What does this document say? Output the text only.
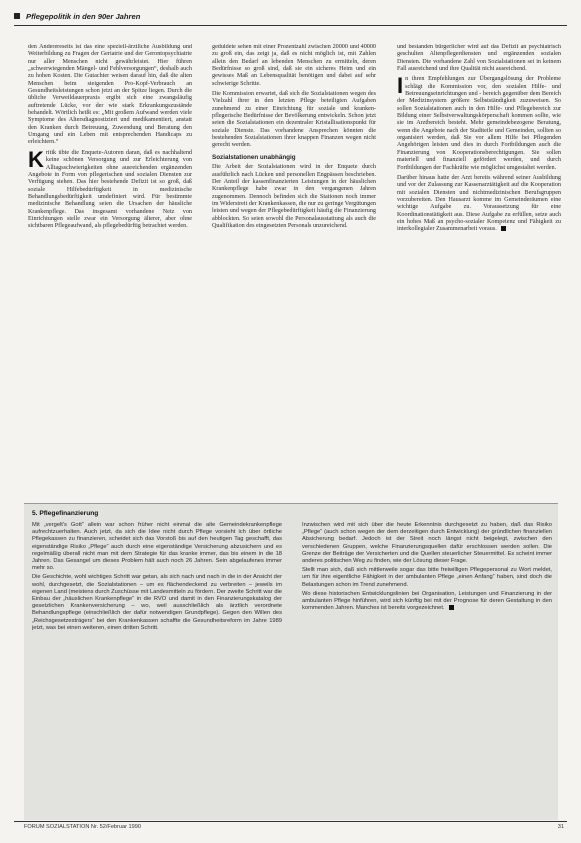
Pflegepolitik in den 90er Jahren

den Anderereseits ist das eine speziell-ärztliche Ausbildung und Weiterbildung zu Fragen der Geriatrie und der Gerontopsychiatrie nur aller Menschen nicht gewährleistet. Hier führen „schwerwiegenden Mängel- und Fehlversorgungen“, deshalb auch zu hohen Kosten. Die Gutachter weisen darauf hin, daß die alten Menschen beim steigenden Pro-Kopf-Verbrauch an Gesundheitsleistungen schon jetzt an der Spitze liegen. Durch die übliche Verweildauerpraxis ergibt sich eine zwangsläufig auftretende Lücke, vor der wie stark Erkrankungszustände behandelt. Wörtlich heißt es: „Mit großem Aufwand werden viele Symptome des Altersdiagnostiziert und medikamentiert, anstatt den Kranken durch Betreuung, Zuwendung und Beratung den Umgang und ein Leben mit entsprechenden Handicaps zu erleichtern.“

Kritik übte die Enquete-Autoren daran, daß es nachhaltend keine schönen Versorgung und zur Erleichterung von Alltagsschwierigkeiten ohne ausreichenden ergänzenden Angebote in Form von pflegerischen und sozialen Diensten zur Verfügung stehen. Das hier bestehende Defizit ist so groß, daß soziale Hilfebedürftigkeit in medizinische Behandlungsbedürftigkeit umdefiniert wird. Für bestimmte medizinische Behandlung seien die Ursachen der häusliche Krankenpflege. Das insgesamt vorhandene Netz von Einrichtungen stelle zwar ein Versorgung älterer, aber ohne sichtbaren Pflegeaufwand, als pflegebedürftig betrachtet werden.

geduldete sehen mit einer Prozentzahl zwischen 20000 und 40000 zu groß ein, das zeigt ja, daß es nicht möglich ist, mit Zahlen allein den Bedarf an lebenden Menschen zu ermitteln, deren Bedürfnisse so groß sind, daß sie ein sicheres Heim und ein gewisses Maß an Lebensqualität benötigen und dabei auf sehr schwierige Schritte.

Die Kommission erwartet, daß sich die Sozialstationen wegen des Vielzahl ihrer in den letzten Pflege beteiligten Aufgaben zunehmend zu einer Einrichtung für soziale und kranken- pflegerische Bedürfnisse der Bevölkerung entwickeln. Schon jetzt seien die Sozialstationen ein dezentraler Kristallisationspunkt für soziale Dienste. Das vorhandene Ansprechen könnten die bestehenden Sozialstationen ihrer knappen Finanzen wegen nicht gerecht werden.

Sozialstationen unabhängig

Die Arbeit der Sozialstationen wird in der Enquete durch ausführlich nach Lücken und personellen Engpässen beschrieben. Der Anteil der kassenfinanzierten Leistungen in der häuslichen Krankenpflege habe zwar in den vergangenen Jahren zugenommen. Dennoch befinden sich die Stationen noch immer im Widerstreit der Krankenkassen, die nur zu geringe Vergütungen leisten und wegen der Pflegebedürftigkeit häufig die Finanzierung abblockten. So seien sowohl die Personalausstattung als auch die Qualifikation des eingesetzten Personals unzureichend.

und bestanden bürgerlicher wird auf das Defizit an psychiatrisch geschulten Altenpflegerdiensten und ergänzenden sozialen Diensten. Die vorhandene Zahl von Sozialstationen sei in keinem Fall ausreichend und ihre Qualität nicht ausreichend.

In ihren Empfehlungen zur Übergangslösung der Probleme schlägt die Kommission vor, den sozialen Hilfe- und Betreuungseinrichtungen und - bereich gegenüber dem Bereich der Medizinsystem größere Selbstständigkeit zuzuweisen. So sollen Sozialstationen auch in den Hilfe- und Pflegebereich zur Bildung einer Selbstverwaltungskörperschaft kommen sollte, wie sie im Arztbereich besteht. Mehr gemeindebezogene Beratung, wenn die Angebote nach der Stadtteile und Gemeinden, sollten so organisiert werden, daß Sie vor allem Hilfe bei Pflegenden Angehörigen leisten und dies in durch Fortbildungen auch die Finanzierung von Kooperationsberechtigungen. Sie sollen materiell und finanziell gefördert werden, und durch Fortbildungen der Fachkräfte wie möglichst umgestaltet werden.

Darüber hinaus hatte der Arzt bereits während seiner Ausbildung und vor der Zulassung zur Kassenarztätigkeit auf die Kooperation mit sozialen Diensten und nichtmedizinischen Berufsgruppen vorzubereiten. Den Hausarzt komme im Gemeinderäumen eine wichtige Aufgabe zu. Voraussetzung für eine Koordinationstätigkeit aus. Diese Aufgabe zu erfüllen, setze auch ein hohes Maß an psycho-sozialer Kompetenz und Fähigkeit zu interkollegialer Zusammenarbeit voraus.

5. Pflegefinanzierung

Mit „vergelt's Gott“ allein war schon früher nicht einmal die alte Gemeindekrankenpflege aufrechtzuerhalten. Auch jetzt, da sich die Idee nicht durch Pflege vorsieht ich über örtliche Pflegekassen zu finanzieren, scheidet sich das Vorstoß bis auf den heutigen Tag geschafft, das eigenständige Risiko „Pflege“ auch durch eine eigenständige Versicherung abzusichern und es regelmäßig überall nicht man mit dem Strategie für das kranke immer, das bis einem in die 18 Jahren. Das Gesangel um dieses Problem hält auch noch 26 Jahren. Sein abgelaufenes immer mehr so.

Die Geschichte, wohl wichtiges Schritt war getan, als sich nach und nach in die in der Ansicht der wohl, durchgesetzt, die Sozialstationen – um es flächendeckend zu verbreiten – jeweils im eigenen Land (meistens durch Zuschüsse mit Landesmitteln zu fördern. Der zweite Schritt war die Einbau der „häuslichen Krankenpflege“ in die RVO und damit in den Finanzierungskatalog der gesetzlichen Krankenversicherung – wo, weil ausschließlich als ärztlich verordnete Behandlungspflege (einschließlich der dafür notwendigen Grundpflege). Gegen den Willen des „Reichsgesetzesträgers“ bei den Krankenkassen schaffte die Gesundheitsreform im Jahre 1989 jetzt, was bei einen weiteren, einen dritten Schritt.

Inzwischen wird mit sich über die heute Erkenntnis durchgesetzt zu haben, daß das Risiko „Pflege“ (auch schon wegen der dem derzeitigen durch Entwicklung) der gründlichen finanziellen Absicherung bedarf. Jedoch ist der Streit noch längst nicht beigelegt, zwischen den verschiedenen Gruppen, welche Finanzierungsquellen dafür erschlossen werden sollen. Die Grenze der Beiträge der Versicherten und die Quellen steuerlicher Steuermittel. Es scheint immer anderes politischen Weg zu finden, wie der Lösung dieser Frage.

Stellt man sich, daß sich mittlerweile sogar das bitte freiwilligen Pflegepersonal zu Wort meldet, um für ihre eigentliche Fähigkeit in der ambulanten Pflege „einen Anfang“ haben, sind doch die Belastungen schon im Trend zunehmend.

Wo diese historischen Entwicklungslinien bei Organisation, Leistungen und Finanzierung in der ambulanten Pflege hinführen, wird sich künftig bei mit der Prognose für deren Gestaltung in den kommenden Jahren. Manches ist bereits vorgezeichnet.

FORUM SOZIALSTATION Nr. 52/Februar 1990	31
